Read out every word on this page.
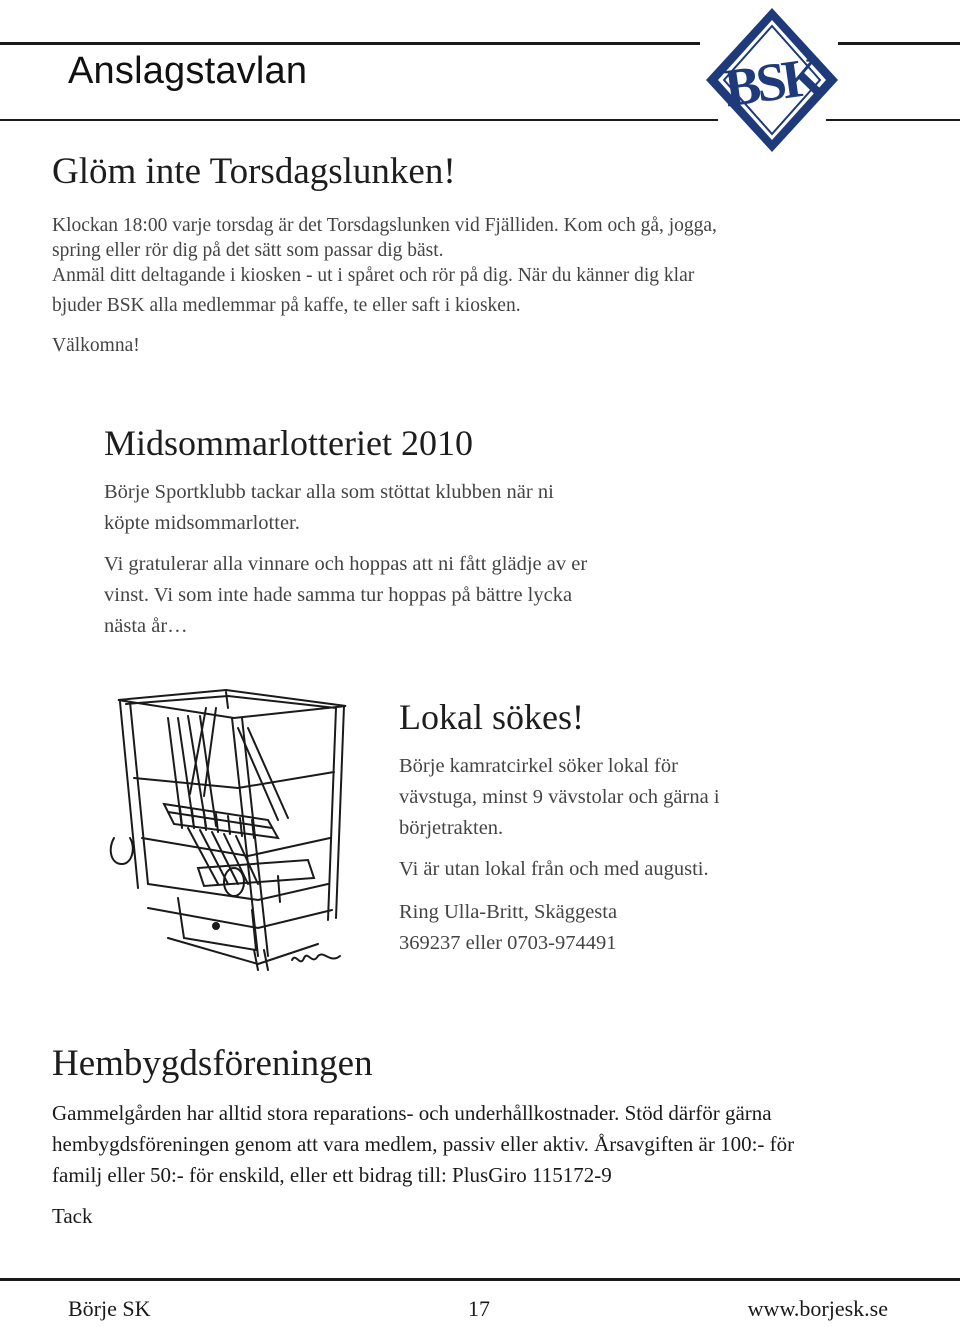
Anslagstavlan	BSK
Glöm inte Torsdagslunken!

Klockan 18:00 varje torsdag är det Torsdagslunken vid Fjälliden. Kom och gå, jogga,

spring eller rör dig på det sätt som passar dig bäst.

Anmäl ditt deltagande i kiosken - ut i spåret och rör på dig. När du känner dig klar

bjuder BSK alla medlemmar på kaffe, te eller saft i kiosken.

Välkomna!

Midsommarlotteriet 2010

Börje Sportklubb tackar alla som stöttat klubben när ni

köpte midsommarlotter.

Vi gratulerar alla vinnare och hoppas att ni fått glädje av er

vinst. Vi som inte hade samma tur hoppas på bättre lycka

nästa år…

Lokal sökes!

Börje kamratcirkel söker lokal för

vävstuga, minst 9 vävstolar och gärna i

börjetrakten.

Vi är utan lokal från och med augusti.

Ring Ulla-Britt, Skäggesta

369237 eller 0703-974491

Hembygdsföreningen

Gammelgården har alltid stora reparations- och underhållkostnader. Stöd därför gärna

hembygdsföreningen genom att vara medlem, passiv eller aktiv. Årsavgiften är 100:- för

familj eller 50:- för enskild, eller ett bidrag till: PlusGiro 115172-9

Tack

Börje SK	17	www.borjesk.se
